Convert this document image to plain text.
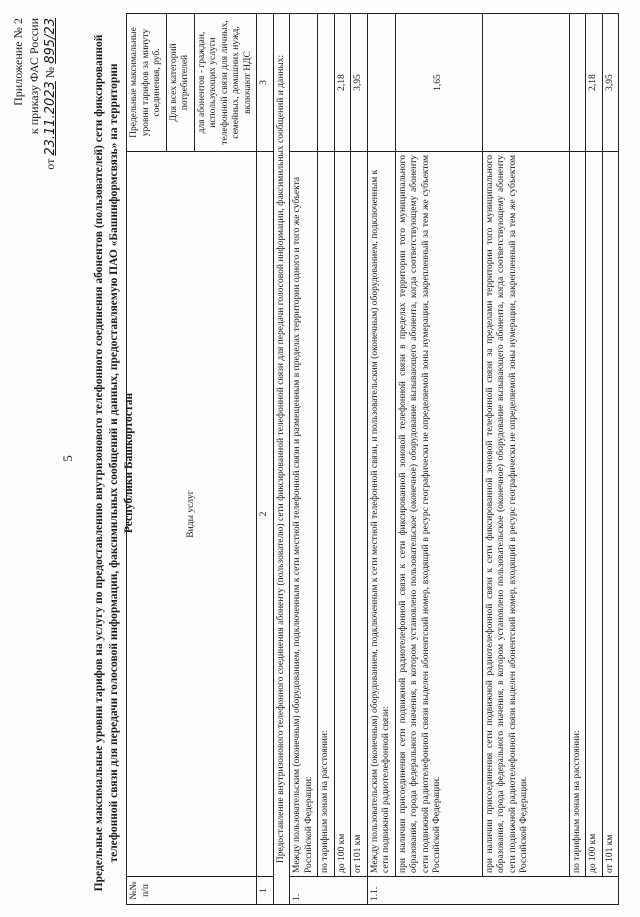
Приложение № 2 к приказу ФАС России
от 23.11.2023 № 895/23
5 Предельные максимальные уровни тарифов на услугу по предоставлению внутризонового телефонного соединения абонентов (пользователей) сети фиксированной телефонной связи для передачи голосовой информации, факсимильных сообщений и данных, предоставляемую ПАО «Башинформсвязь» на территории Республики Башкортостан
№№ п/п	Виды услуг	Предельные максимальные уровни тарифов за минуту соединения, руб.
		Для всех категорий потребителей
		для абонентов - граждан, использующих услуги телефонной связи для личных, семейных, домашних нужд, включают НДС
1	2	3
Предоставление внутризонового телефонного соединения абоненту (пользователю) сети фиксированной телефонной связи для передачи голосовой информации, факсимильных сообщений и данных:		
1.	Между пользовательским (оконечным) оборудованием, подключенным к сети местной телефонной связи и размещенным в пределах территории одного и того же субъекта Российской Федерации:	
	по тарифным зонам на расстоянии:	
	до 100 км	2,18
	от 101 км	3,95
1.1.	Между пользовательским (оконечным) оборудованием, подключенным к сети местной телефонной связи, и пользовательским (оконечным) оборудованием, подключенным к сети подвижной радиотелефонной связи:	
	при наличии присоединения сети подвижной радиотелефонной связи к сети фиксированной зоновой телефонной связи в пределах территории того муниципального образования, города федерального значения, в котором установлено пользовательское (оконечное) оборудование вызывающего абонента, когда соответствующему абоненту сети подвижной радиотелефонной связи выделен абонентский номер, входящий в ресурс географически не определяемой зоны нумерации, закрепленный за тем же субъектом Российской Федерации.	1,65
	при наличии присоединения сети подвижной радиотелефонной связи к сети фиксированной зоновой телефонной связи за пределами территории того муниципального образования, города федерального значения, в котором установлено пользовательское (оконечное) оборудование вызывающего абонента, когда соответствующему абоненту сети подвижной радиотелефонной связи выделен абонентский номер, входящий в ресурс географически не определяемой зоны нумерации, закрепленный за тем же субъектом Российской Федерации.	
	по тарифным зонам на расстоянии:	
	до 100 км	2,18
	от 101 км	3,95
